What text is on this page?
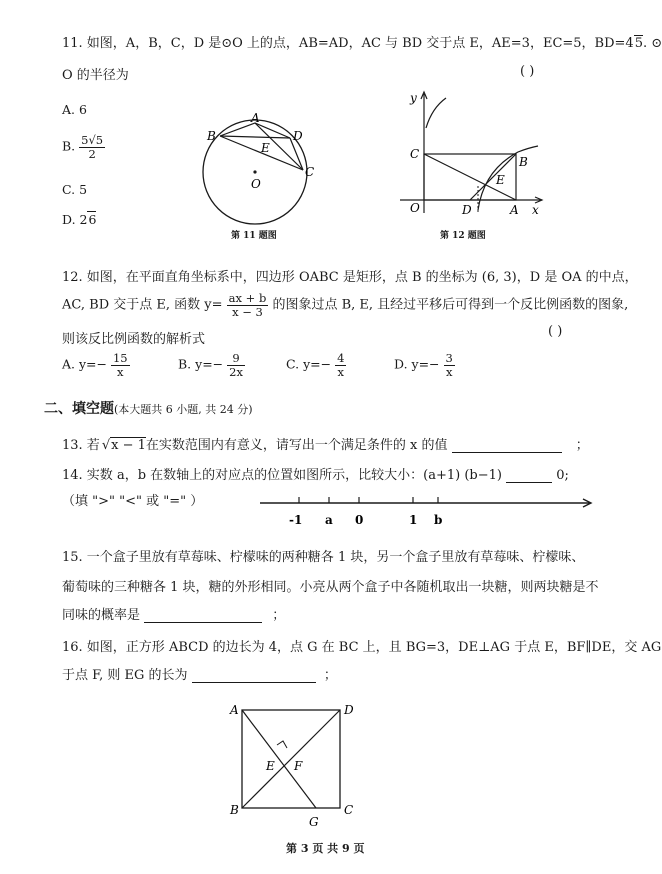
11. 如图，A，B，C，D 是⊙O 上的点，AB=AD，AC 与 BD 交于点 E，AE=3，EC=5，BD=45. ⊙
O 的半径为	( )
A. 6
B. $\frac{5√5}{2}$
C. 5
D. 26
A
B	D
E
C
O
第 11 题图
y
C
B
E
O	D	A x
第 12 题图
12. 如图，在平面直角坐标系中，四边形 OABC 是矩形，点 B 的坐标为 (6, 3)，D 是 OA 的中点，
AC, BD 交于点 E, 函数 $y= \frac{ax + b}{x - 3}$ 的图象过点 B, E, 且经过平移后可得到一个反比例函数的图象,
则该反比例函数的解析式
( )
A. $y=- \frac{15}{x}$	B. $y=- \frac{9}{2x}$	C. $y=- \frac{4}{x}$	D. $y=- \frac{3}{x}$
二、填空题(本大题共 6 小题, 共 24 分)
13. 若 √x − 1在实数范围内有意义，请写出一个满足条件的 x 的值	；
14. 实数 a，b 在数轴上的对应点的位置如图所示，比较大小：(a+1) (b−1)	0;
（填 ">" "<" 或 "=" ）
-1 a 0	1 b
15. 一个盒子里放有草莓味、柠檬味的两种糖各 1 块，另一个盒子里放有草莓味、柠檬味、
葡萄味的三种糖各 1 块，糖的外形相同。小亮从两个盒子中各随机取出一块糖，则两块糖是不
同味的概率是	；
16. 如图，正方形 ABCD 的边长为 4，点 G 在 BC 上，且 BG=3，DE⊥AG 于点 E，BF∥DE，交 AG
于点 F, 则 EG 的长为	；
A	D
E F
B
G
C
第 3 页 共 9 页
